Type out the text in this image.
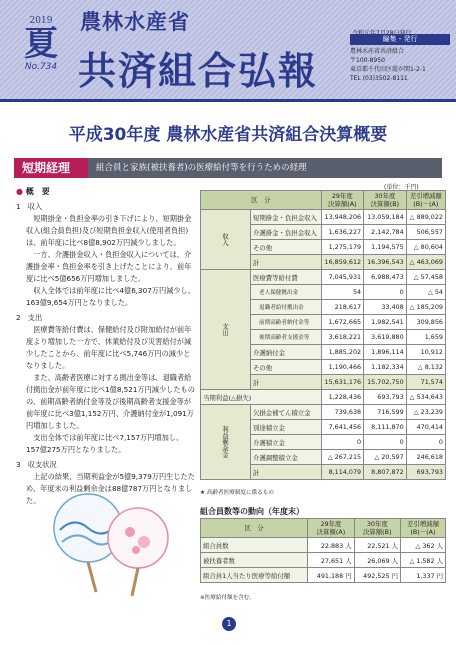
2019
夏
No.734
農林水産省
共済組合弘報
編集・発行
農林水産省共済組合
〒100-8950
東京都千代田区霞が関1-2-1
TEL (03)3502-8111
平成30年度 農林水産省共済組合決算概要
短期経理	組合員と家族(被扶養者)の医療給付等を行うための経理
● 概　要
1　収入
短期掛金・負担金率の引き下げにより、短期掛金収入(組合員負担)及び短期負担金収入(使用者負担)は、前年度に比べ8億8,902万円減少しました。
一方、介護掛金収入・負担金収入については、介護掛金率・負担金率を引き上げたことにより、前年度に比べ5億656万円増加しました。
収入全体では前年度に比べ4億6,307万円減少し、163億9,654万円となりました。
2　支出
医療費等給付費は、保健給付及び附加給付が前年度より増加した一方で、休業給付及び災害給付が減少したことから、前年度に比べ5,746万円の減少となりました。
また、高齢者医療に対する拠出金等は、退職者給付拠出金が前年度に比べ1億8,521万円減少したものの、前期高齢者納付金等及び後期高齢者支援金等が前年度に比べ3億1,152万円、介護納付金が1,091万円増加しました。
支出全体では前年度に比べ7,157万円増加し、157億275万円となりました。
3　収支状況
上記の結果、当期利益金が5億9,379万円生じたため、年度末の利益剰余金は88億787万円となりました。
(単位：千円)
区　分		29年度
決算額(A)	30年度
決算額(B)	差引増減額
(B)－(A)
収入	短期掛金・負担金収入	13,948,206	13,059,184	△ 889,022
	介護掛金・負担金収入	1,636,227	2,142,784	506,557
	その他	1,275,179	1,194,575	△ 80,604
	計	16,859,612	16,396,543	△ 463,069
支出	医療費等給付費	7,045,931	6,988,473	△ 57,458
	老人保健拠出金	54	0	△ 54
	退職者給付拠出金	218,617	33,408	△ 185,209
	前期高齢者納付金等	1,672,665	1,982,541	309,856
	後期高齢者支援金等	3,618,221	3,619,880	1,659
	介護納付金	1,885,202	1,896,114	10,912
	その他	1,190,466	1,182,334	△ 8,132
	計	15,631,176	15,702,750	71,574
当期利益(△損失)		1,228,436	693,793	△ 534,643
利益剰余金	欠損金補てん積立金	739,638	716,599	△ 23,239
	別途積立金	7,641,456	8,111,870	470,414
	介護積立金	0	0	0
	介護調整積立金	△ 267,215	△ 20,597	246,618
	計	8,114,079	8,807,872	693,793
★ 高齢者医療制度に係るもの
組合員数等の動向（年度末）
区　分	29年度
決算額(A)	30年度
決算額(B)	差引増減額
(B)－(A)
組合員数	22,883 人	22,521 人	△ 362 人
被扶養者数	27,651 人	26,069 人	△ 1,582 人
組合員1人当たり医療等給付額	491,188 円	492,525 円	1,337 円
※医療給付額を含む。
1
